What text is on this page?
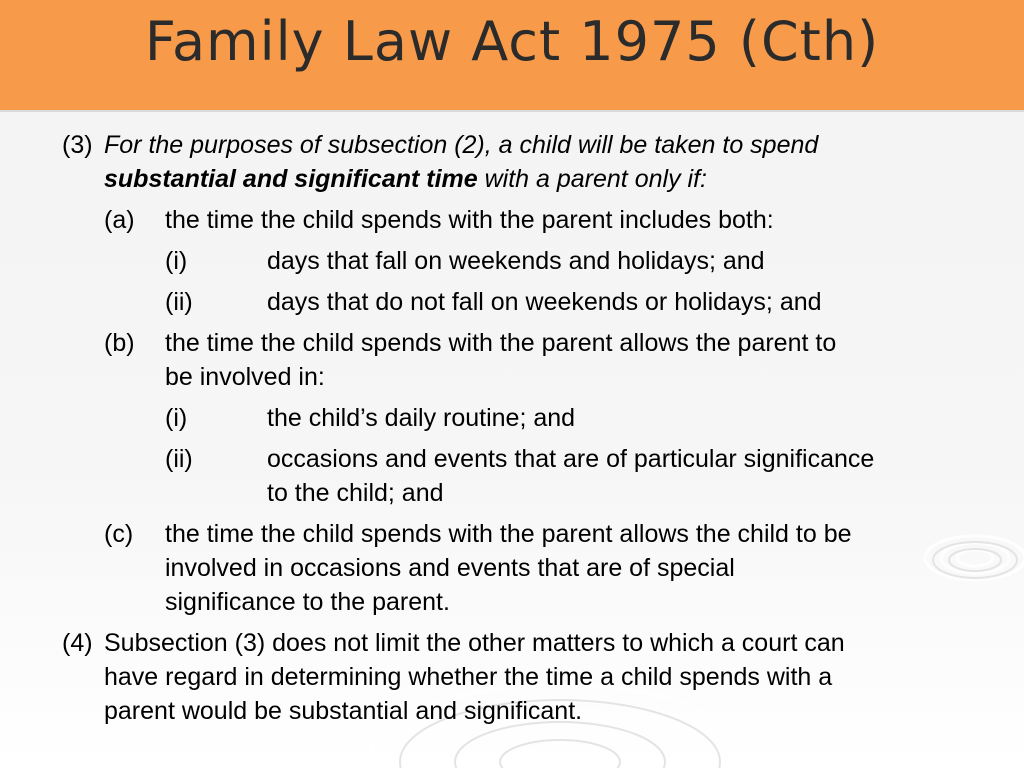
Family Law Act 1975 (Cth)
(3) For the purposes of subsection (2), a child will be taken to spend
substantial and significant time with a parent only if:
(a) the time the child spends with the parent includes both:
(i)	days that fall on weekends and holidays; and
(ii)	days that do not fall on weekends or holidays; and
(b) the time the child spends with the parent allows the parent to
be involved in:
(i)	the child’s daily routine; and
(ii)	occasions and events that are of particular significance
to the child; and
(c) the time the child spends with the parent allows the child to be
involved in occasions and events that are of special
significance to the parent.
(4) Subsection (3) does not limit the other matters to which a court can
have regard in determining whether the time a child spends with a
parent would be substantial and significant.
